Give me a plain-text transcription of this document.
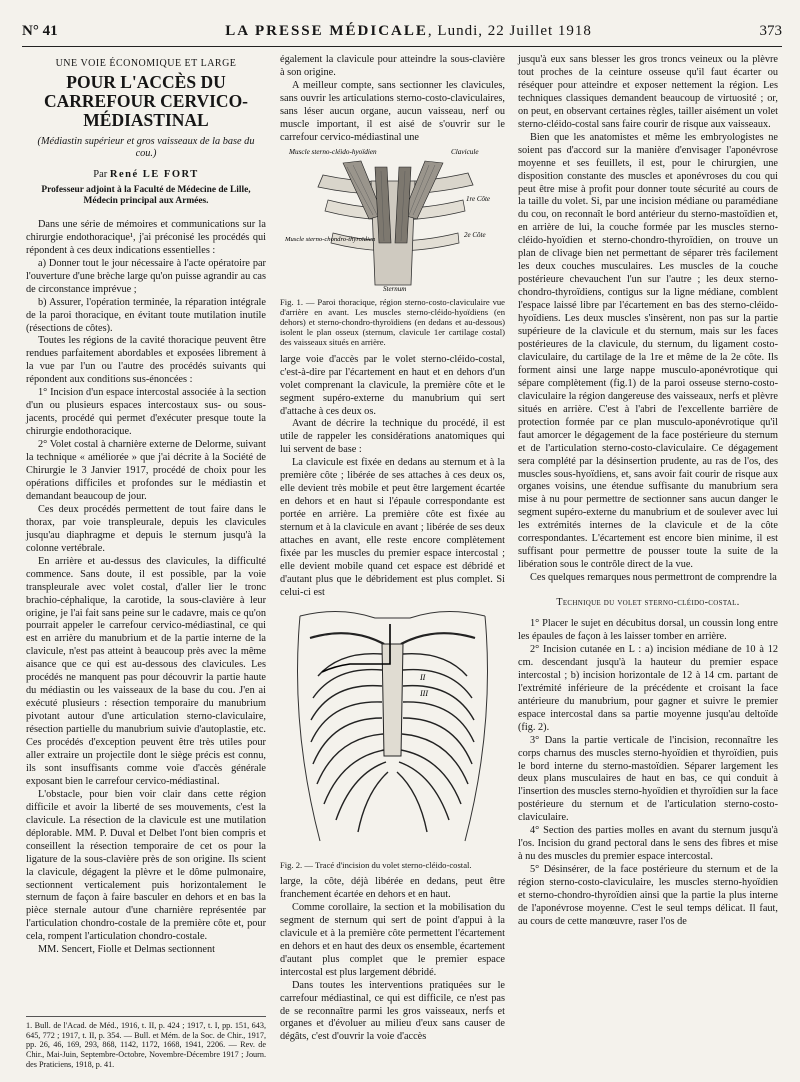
N° 41	LA PRESSE MÉDICALE, Lundi, 22 Juillet 1918	373
UNE VOIE ÉCONOMIQUE ET LARGE
POUR L'ACCÈS DU CARREFOUR CERVICO-MÉDIASTINAL
(Médiastin supérieur et gros vaisseaux de la base du cou.)
Par René LE FORT
Professeur adjoint à la Faculté de Médecine de Lille, Médecin principal aux Armées.

Dans une série de mémoires et communications sur la chirurgie endothoracique¹, j'ai préconisé les procédés qui répondent à ces deux indications essentielles :

a) Donner tout le jour nécessaire à l'acte opératoire par l'ouverture d'une brèche large qu'on puisse agrandir au cas de circonstance imprévue ;

b) Assurer, l'opération terminée, la réparation intégrale de la paroi thoracique, en évitant toute mutilation inutile (résections de côtes).

Toutes les régions de la cavité thoracique peuvent être rendues parfaitement abordables et exposées librement à la vue par l'un ou l'autre des procédés suivants qui répondent aux conditions sus-énoncées :

1° Incision d'un espace intercostal associée à la section d'un ou plusieurs espaces intercostaux sus- ou sous-jacents, procédé qui permet d'exécuter presque toute la chirurgie endothoracique.

2° Volet costal à charnière externe de Delorme, suivant la technique « améliorée » que j'ai décrite à la Société de Chirurgie le 3 Janvier 1917, procédé de choix pour les opérations difficiles et profondes sur le médiastin et demandant beaucoup de jour.

Ces deux procédés permettent de tout faire dans le thorax, par voie transpleurale, depuis les clavicules jusqu'au diaphragme et depuis le sternum jusqu'à la colonne vertébrale.

En arrière et au-dessus des clavicules, la difficulté commence. Sans doute, il est possible, par la voie transpleurale avec volet costal, d'aller lier le tronc brachio-céphalique, la carotide, la sous-clavière à leur origine, je l'ai fait sans peine sur le cadavre, mais ce qu'on pourrait appeler le carrefour cervico-médiastinal, ce qui est en arrière du manubrium et de la partie interne de la clavicule, n'est pas atteint à beaucoup près avec la même aisance que ce qui est au-dessous des clavicules. Les procédés ne manquent pas pour découvrir la partie haute du médiastin ou les vaisseaux de la base du cou. J'en ai exécuté plusieurs : résection temporaire du manubrium pivotant autour d'une articulation sterno-claviculaire, résection partielle du manubrium suivie d'autoplastie, etc. Ces procédés d'exception peuvent être très utiles pour aller extraire un projectile dont le siège précis est connu, ils sont insuffisants comme voie d'accès générale exposant bien le carrefour cervico-médiastinal.

L'obstacle, pour bien voir clair dans cette région difficile et avoir la liberté de ses mouvements, c'est la clavicule. La résection de la clavicule est une mutilation déplorable. MM. P. Duval et Delbet l'ont bien compris et conseillent la résection temporaire de cet os pour la ligature de la sous-clavière près de son origine. Ils scient la clavicule, dégagent la plèvre et le dôme pulmonaire, sectionnent verticalement puis horizontalement le sternum de façon à faire basculer en dehors et en bas la pièce sternale autour d'une charnière représentée par l'articulation chondro-costale de la première côte et, pour cela, rompent l'articulation chondro-costale.

MM. Sencert, Fiolle et Delmas sectionnent

1. Bull. de l'Acad. de Méd., 1916, t. II, p. 424 ; 1917, t. I, pp. 151, 643, 645, 772 ; 1917, t. II, p. 354. — Bull. et Mém. de la Soc. de Chir., 1917, pp. 26, 46, 169, 293, 868, 1142, 1172, 1668, 1941, 2206. — Rev. de Chir., Mai-Juin, Septembre-Octobre, Novembre-Décembre 1917 ; Journ. des Praticiens, 1918, p. 41.

également la clavicule pour atteindre la sous-clavière à son origine.

A meilleur compte, sans sectionner les clavicules, sans ouvrir les articulations sterno-costo-claviculaires, sans léser aucun organe, aucun vaisseau, nerf ou muscle important, il est aisé de s'ouvrir sur le carrefour cervico-médiastinal une

Muscle sterno-cléido-hyoïdien	Clavicule
1re Côte
2e Côte
Muscle sterno-chondro-thyroïdien
Sternum
Fig. 1. — Paroi thoracique, région sterno-costo-claviculaire vue d'arrière en avant. Les muscles sterno-cléido-hyoïdiens (en dehors) et sterno-chondro-thyroïdiens (en dedans et au-dessous) isolent le plan osseux (sternum, clavicule 1er cartilage costal) des vaisseaux situés en arrière.

large voie d'accès par le volet sterno-cléido-costal, c'est-à-dire par l'écartement en haut et en dehors d'un volet comprenant la clavicule, la première côte et le segment supéro-externe du manubrium qui sert d'attache à ces deux os.

Avant de décrire la technique du procédé, il est utile de rappeler les considérations anatomiques qui lui servent de base :

La clavicule est fixée en dedans au sternum et à la première côte ; libérée de ses attaches à ces deux os, elle devient très mobile et peut être largement écartée en dehors et en haut si l'épaule correspondante est portée en arrière. La première côte est fixée au sternum et à la clavicule en avant ; libérée de ses deux attaches en avant, elle reste encore complètement fixée par les muscles du premier espace intercostal ; elle devient mobile quand cet espace est débridé et d'autant plus que le débridement est plus complet. Si celui-ci est

II
III
Fig. 2. — Tracé d'incision du volet sterno-cléido-costal.

large, la côte, déjà libérée en dedans, peut être franchement écartée en dehors et en haut.

Comme corollaire, la section et la mobilisation du segment de sternum qui sert de point d'appui à la clavicule et à la première côte permettent l'écartement en dehors et en haut des deux os ensemble, écartement d'autant plus complet que le premier espace intercostal est plus largement débridé.

Dans toutes les interventions pratiquées sur le carrefour médiastinal, ce qui est difficile, ce n'est pas de se reconnaître parmi les gros vaisseaux, nerfs et organes et d'évoluer au milieu d'eux sans causer de dégâts, c'est d'ouvrir la voie d'accès

jusqu'à eux sans blesser les gros troncs veineux ou la plèvre tout proches de la ceinture osseuse qu'il faut écarter ou réséquer pour atteindre et exposer nettement la région. Les techniques classiques demandent beaucoup de virtuosité ; or, on peut, en observant certaines règles, tailler aisément un volet sterno-cléido-costal sans faire courir de risque aux vaisseaux.

Bien que les anatomistes et même les embryologistes ne soient pas d'accord sur la manière d'envisager l'aponévrose moyenne et ses feuillets, il est, pour le chirurgien, une disposition constante des muscles et aponévroses du cou qui peut être mise à profit pour donner toute sécurité au cours de la taille du volet. Si, par une incision médiane ou paramédiane du cou, on reconnaît le bord antérieur du sterno-mastoïdien et, en arrière de lui, la couche formée par les muscles sterno-cléido-hyoïdien et sterno-chondro-thyroïdien, on trouve un plan de clivage bien net permettant de séparer très facilement les deux couches musculaires. Les muscles de la couche postérieure chevauchent l'un sur l'autre ; les deux sterno-chondro-thyroïdiens, contigus sur la ligne médiane, comblent l'espace laissé libre par l'écartement en bas des sterno-cléido-hyoïdiens. Les deux muscles s'insèrent, non pas sur la partie supérieure de la clavicule et du sternum, mais sur les faces postérieures de la clavicule, du sternum, du ligament costo-claviculaire, du cartilage de la 1re et même de la 2e côte. Ils forment ainsi une large nappe musculo-aponévrotique qui sépare complètement (fig.1) de la paroi osseuse sterno-costo-claviculaire la région dangereuse des vaisseaux, nerfs et plèvre situés en arrière. C'est à l'abri de l'excellente barrière de protection formée par ce plan musculo-aponévrotique qu'il faut amorcer le dégagement de la face postérieure du sternum et de l'articulation sterno-costo-claviculaire. Ce dégagement sera complété par la désinsertion prudente, au ras de l'os, des muscles sous-hyoïdiens, et, sans avoir fait courir de risque aux organes voisins, une étendue suffisante du manubrium sera mise à nu pour permettre de sectionner sans aucun danger le segment supéro-externe du manubrium et de soulever avec lui les extrémités internes de la clavicule et de la côte correspondantes. L'écartement est encore bien minime, il est suffisant pour permettre de pousser toute la suite de la libération sous le contrôle direct de la vue.

Ces quelques remarques nous permettront de comprendre la

Technique du volet sterno-cléido-costal.

1° Placer le sujet en décubitus dorsal, un coussin long entre les épaules de façon à les laisser tomber en arrière.

2° Incision cutanée en L : a) incision médiane de 10 à 12 cm. descendant jusqu'à la hauteur du premier espace intercostal ; b) incision horizontale de 12 à 14 cm. partant de l'extrémité inférieure de la précédente et croisant la face antérieure du manubrium, pour gagner et suivre le premier espace intercostal dans sa partie moyenne jusqu'au deltoïde (fig. 2).

3° Dans la partie verticale de l'incision, reconnaître les corps charnus des muscles sterno-hyoïdien et thyroïdien, puis le bord interne du sterno-mastoïdien. Séparer largement les deux plans musculaires de haut en bas, ce qui conduit à l'insertion des muscles sterno-hyoïdien et thyroïdien sur la face postérieure du sternum et de l'articulation sterno-costo-claviculaire.

4° Section des parties molles en avant du sternum jusqu'à l'os. Incision du grand pectoral dans le sens des fibres et mise à nu des muscles du premier espace intercostal.

5° Désinsérer, de la face postérieure du sternum et de la région sterno-costo-claviculaire, les muscles sterno-hyoïdien et sterno-chondro-thyroïdien ainsi que la partie la plus interne de l'aponévrose moyenne. C'est le seul temps délicat. Il faut, au cours de cette manœuvre, raser l'os de
